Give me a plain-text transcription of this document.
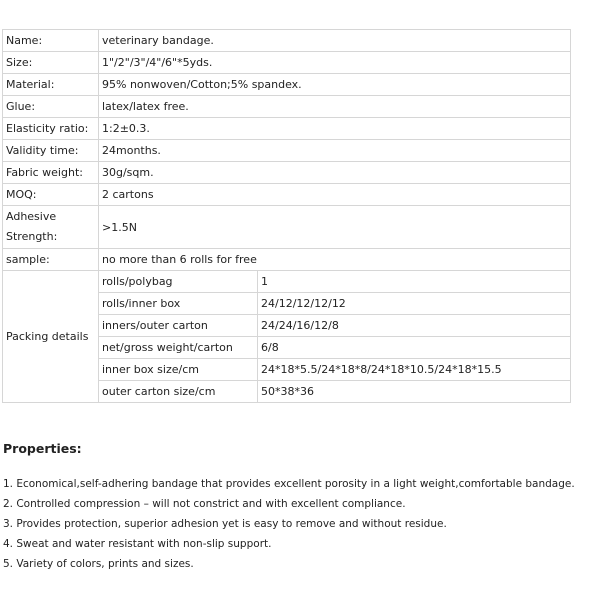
Name:	veterinary bandage.	
Size:	1"/2"/3"/4"/6"*5yds.	
Material:	95% nonwoven/Cotton;5% spandex.	
Glue:	latex/latex free.	
Elasticity ratio:	1:2±0.3.	
Validity time:	24months.	
Fabric weight:	30g/sqm.	
MOQ:	2 cartons	
Adhesive Strength:	>1.5N	
sample:	no more than 6 rolls for free	
Packing details	rolls/polybag	1
	rolls/inner box	24/12/12/12/12
	inners/outer carton	24/24/16/12/8
	net/gross weight/carton	6/8
	inner box size/cm	24*18*5.5/24*18*8/24*18*10.5/24*18*15.5
	outer carton size/cm	50*38*36
Properties:
1. Economical,self-adhering bandage that provides excellent porosity in a light weight,comfortable bandage.
2. Controlled compression – will not constrict and with excellent compliance.
3. Provides protection, superior adhesion yet is easy to remove and without residue.
4. Sweat and water resistant with non-slip support.
5. Variety of colors, prints and sizes.
